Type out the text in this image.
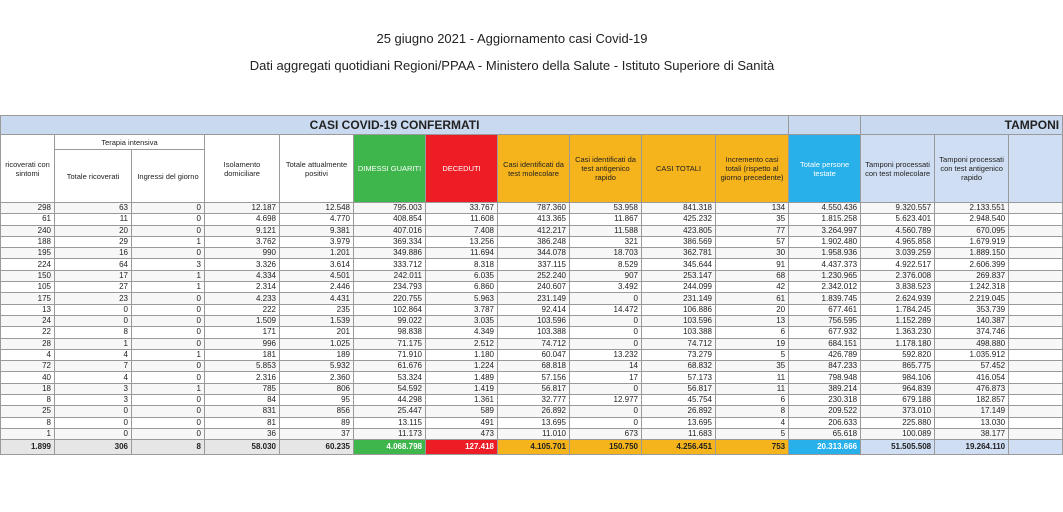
25 giugno 2021 - Aggiornamento casi Covid-19
Dati aggregati quotidiani Regioni/PPAA - Ministero della Salute - Istituto Superiore di Sanità
CASI COVID-19 CONFERMATI												TAMPONI		
ricoverati con sintomi	Terapia intensiva		Isolamento domiciliare	Totale attualmente positivi	DIMESSI GUARITI	DECEDUTI	Casi identificati da test molecolare	Casi identificati da test antigenico rapido	CASI TOTALI	Incremento casi totali (rispetto al giorno precedente)	Totale persone testate	Tamponi processati con test molecolare	Tamponi processati con test antigenico rapido	
	Totale ricoverati	Ingressi del giorno												
298	63	0	12.187	12.548	795.003	33.767	787.360	53.958	841.318	134	4.550.436	9.320.557	2.133.551	
61	11	0	4.698	4.770	408.854	11.608	413.365	11.867	425.232	35	1.815.258	5.623.401	2.948.540	
240	20	0	9.121	9.381	407.016	7.408	412.217	11.588	423.805	77	3.264.997	4.560.789	670.095	
188	29	1	3.762	3.979	369.334	13.256	386.248	321	386.569	57	1.902.480	4.965.858	1.679.919	
195	16	0	990	1.201	349.886	11.694	344.078	18.703	362.781	30	1.958.936	3.039.259	1.889.150	
224	64	3	3.326	3.614	333.712	8.318	337.115	8.529	345.644	91	4.437.373	4.922.517	2.606.399	
150	17	1	4.334	4.501	242.011	6.035	252.240	907	253.147	68	1.230.965	2.376.008	269.837	
105	27	1	2.314	2.446	234.793	6.860	240.607	3.492	244.099	42	2.342.012	3.838.523	1.242.318	
175	23	0	4.233	4.431	220.755	5.963	231.149	0	231.149	61	1.839.745	2.624.939	2.219.045	
13	0	0	222	235	102.864	3.787	92.414	14.472	106.886	20	677.461	1.784.245	353.739	
24	0	0	1.509	1.539	99.022	3.035	103.596	0	103.596	13	756.595	1.152.289	140.387	
22	8	0	171	201	98.838	4.349	103.388	0	103.388	6	677.932	1.363.230	374.746	
28	1	0	996	1.025	71.175	2.512	74.712	0	74.712	19	684.151	1.178.180	498.880	
4	4	1	181	189	71.910	1.180	60.047	13.232	73.279	5	426.789	592.820	1.035.912	
72	7	0	5.853	5.932	61.676	1.224	68.818	14	68.832	35	847.233	865.775	57.452	
40	4	0	2.316	2.360	53.324	1.489	57.156	17	57.173	11	798.948	984.106	416.054	
18	3	1	785	806	54.592	1.419	56.817	0	56.817	11	389.214	964.839	476.873	
8	3	0	84	95	44.298	1.361	32.777	12.977	45.754	6	230.318	679.188	182.857	
25	0	0	831	856	25.447	589	26.892	0	26.892	8	209.522	373.010	17.149	
8	0	0	81	89	13.115	491	13.695	0	13.695	4	206.633	225.880	13.030	
1	0	0	36	37	11.173	473	11.010	673	11.683	5	65.618	100.089	38.177	
1.899	306	8	58.030	60.235	4.068.798	127.418	4.105.701	150.750	4.256.451	753	20.313.666	51.505.508	19.264.110	
